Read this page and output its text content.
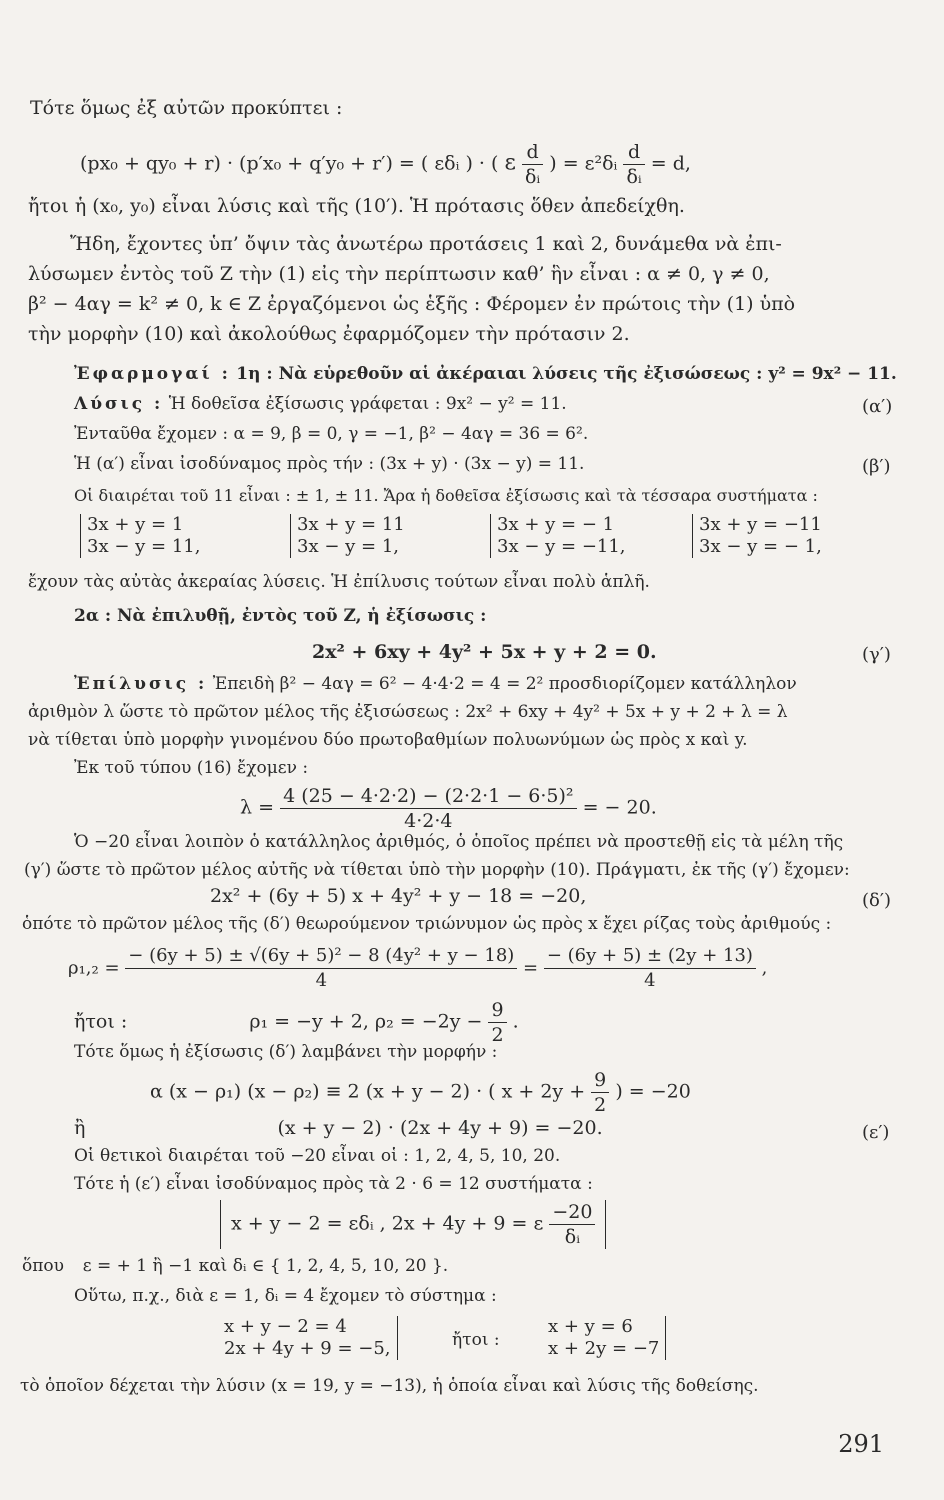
Τότε ὅμως ἐξ αὐτῶν προκύπτει :
(px₀ + qy₀ + r) · (p′x₀ + q′y₀ + r′) = ( εδᵢ ) · ( ε $\frac{d}{\text{δᵢ}}$ ) = ε²δᵢ $\frac{d}{\text{δᵢ}} = d$,
ἤτοι ἡ (x₀, y₀) εἶναι λύσις καὶ τῆς (10′). Ἡ πρότασις ὅθεν ἀπεδείχθη.
Ἤδη, ἔχοντες ὑπ’ ὄψιν τὰς ἀνωτέρω προτάσεις 1 καὶ 2, δυνάμεθα νὰ ἐπι-
λύσωμεν ἐντὸς τοῦ Z τὴν (1) εἰς τὴν περίπτωσιν καθ’ ἣν εἶναι : α ≠ 0, γ ≠ 0,
β² − 4αγ = k² ≠ 0, k ∈ Z ἐργαζόμενοι ὡς ἑξῆς : Φέρομεν ἐν πρώτοις τὴν (1) ὑπὸ
τὴν μορφὴν (10) καὶ ἀκολούθως ἐφαρμόζομεν τὴν πρότασιν 2.
Ἐφαρμογαί : 1η : Νὰ εὑρεθοῦν αἱ ἀκέραιαι λύσεις τῆς ἐξισώσεως : y² = 9x² − 11.
Λύσις : Ἡ δοθεῖσα ἐξίσωσις γράφεται : 9x² − y² = 11.	(α′)
Ἐνταῦθα ἔχομεν : α = 9, β = 0, γ = −1, β² − 4αγ = 36 = 6².
Ἡ (α′) εἶναι ἰσοδύναμος πρὸς τήν : (3x + y) · (3x − y) = 11.	(β′)
Οἱ διαιρέται τοῦ 11 εἶναι : ± 1, ± 11. Ἄρα ἡ δοθεῖσα ἐξίσωσις καὶ τὰ τέσσαρα συστήματα :
3x + y = 1
3x − y = 11,
3x + y = 11
3x − y = 1,
3x + y = − 1
3x − y = −11,
3x + y = −11
3x − y = − 1,
ἔχουν τὰς αὐτὰς ἀκεραίας λύσεις. Ἡ ἐπίλυσις τούτων εἶναι πολὺ ἁπλῆ.
2α : Νὰ ἐπιλυθῇ, ἐντὸς τοῦ Z, ἡ ἐξίσωσις :
2x² + 6xy + 4y² + 5x + y + 2 = 0.	(γ′)
Ἐπίλυσις : Ἐπειδὴ β² − 4αγ = 6² − 4·4·2 = 4 = 2² προσδιορίζομεν κατάλληλον
ἀριθμὸν λ ὥστε τὸ πρῶτον μέλος τῆς ἐξισώσεως : 2x² + 6xy + 4y² + 5x + y + 2 + λ = λ
νὰ τίθεται ὑπὸ μορφὴν γινομένου δύο πρωτοβαθμίων πολυωνύμων ὡς πρὸς x καὶ y.
Ἐκ τοῦ τύπου (16) ἔχομεν :
$\lambda = \frac{\text{4 (25 − 4·2·2) − (2·2·1 − 6·5)²}}{4\cdot 2\cdot 4}$ = − 20.
Ὁ −20 εἶναι λοιπὸν ὁ κατάλληλος ἀριθμός, ὁ ὁποῖος πρέπει νὰ προστεθῇ εἰς τὰ μέλη τῆς
(γ′) ὥστε τὸ πρῶτον μέλος αὐτῆς νὰ τίθεται ὑπὸ τὴν μορφὴν (10). Πράγματι, ἐκ τῆς (γ′) ἔχομεν:
2x² + (6y + 5) x + 4y² + y − 18 = −20,	(δ′)
ὁπότε τὸ πρῶτον μέλος τῆς (δ′) θεωρούμενον τριώνυμον ὡς πρὸς x ἔχει ρίζας τοὺς ἀριθμούς :
$\rho_1,_2 = \frac{\text{− (6y + 5) ± √(6y + 5)² − 8 (4y² + y − 18)}}{4} = \frac{- (6y + 5) \pm (2y + 13)}{4}$ ,
ἤτοι :	ρ₁ = −y + 2, $\rho_2 = -2y - \frac{9}{2}$ .
Τότε ὅμως ἡ ἐξίσωσις (δ′) λαμβάνει τὴν μορφήν :
α (x − ρ₁) (x − ρ₂) ≡ 2 (x + y − 2) · ( $x + 2y + \frac{9}{2}$ ) = −20
ἢ	(x + y − 2) · (2x + 4y + 9) = −20.	(ε′)
Οἱ θετικοὶ διαιρέται τοῦ −20 εἶναι οἱ : 1, 2, 4, 5, 10, 20.
Τότε ἡ (ε′) εἶναι ἰσοδύναμος πρὸς τὰ 2 · 6 = 12 συστήματα :
x + y − 2 = εδᵢ , 2x + 4y + 9 = ε $\frac{-20}{\text{δᵢ}}$
ὅπου ε = + 1 ἢ −1 καὶ δᵢ ∈ { 1, 2, 4, 5, 10, 20 }.
Οὕτω, π.χ., διὰ ε = 1, δᵢ = 4 ἔχομεν τὸ σύστημα :
x + y − 2 = 4
2x + 4y + 9 = −5,	ἤτοι :
x + y = 6
x + 2y = −7
τὸ ὁποῖον δέχεται τὴν λύσιν (x = 19, y = −13), ἡ ὁποία εἶναι καὶ λύσις τῆς δοθείσης.
291
